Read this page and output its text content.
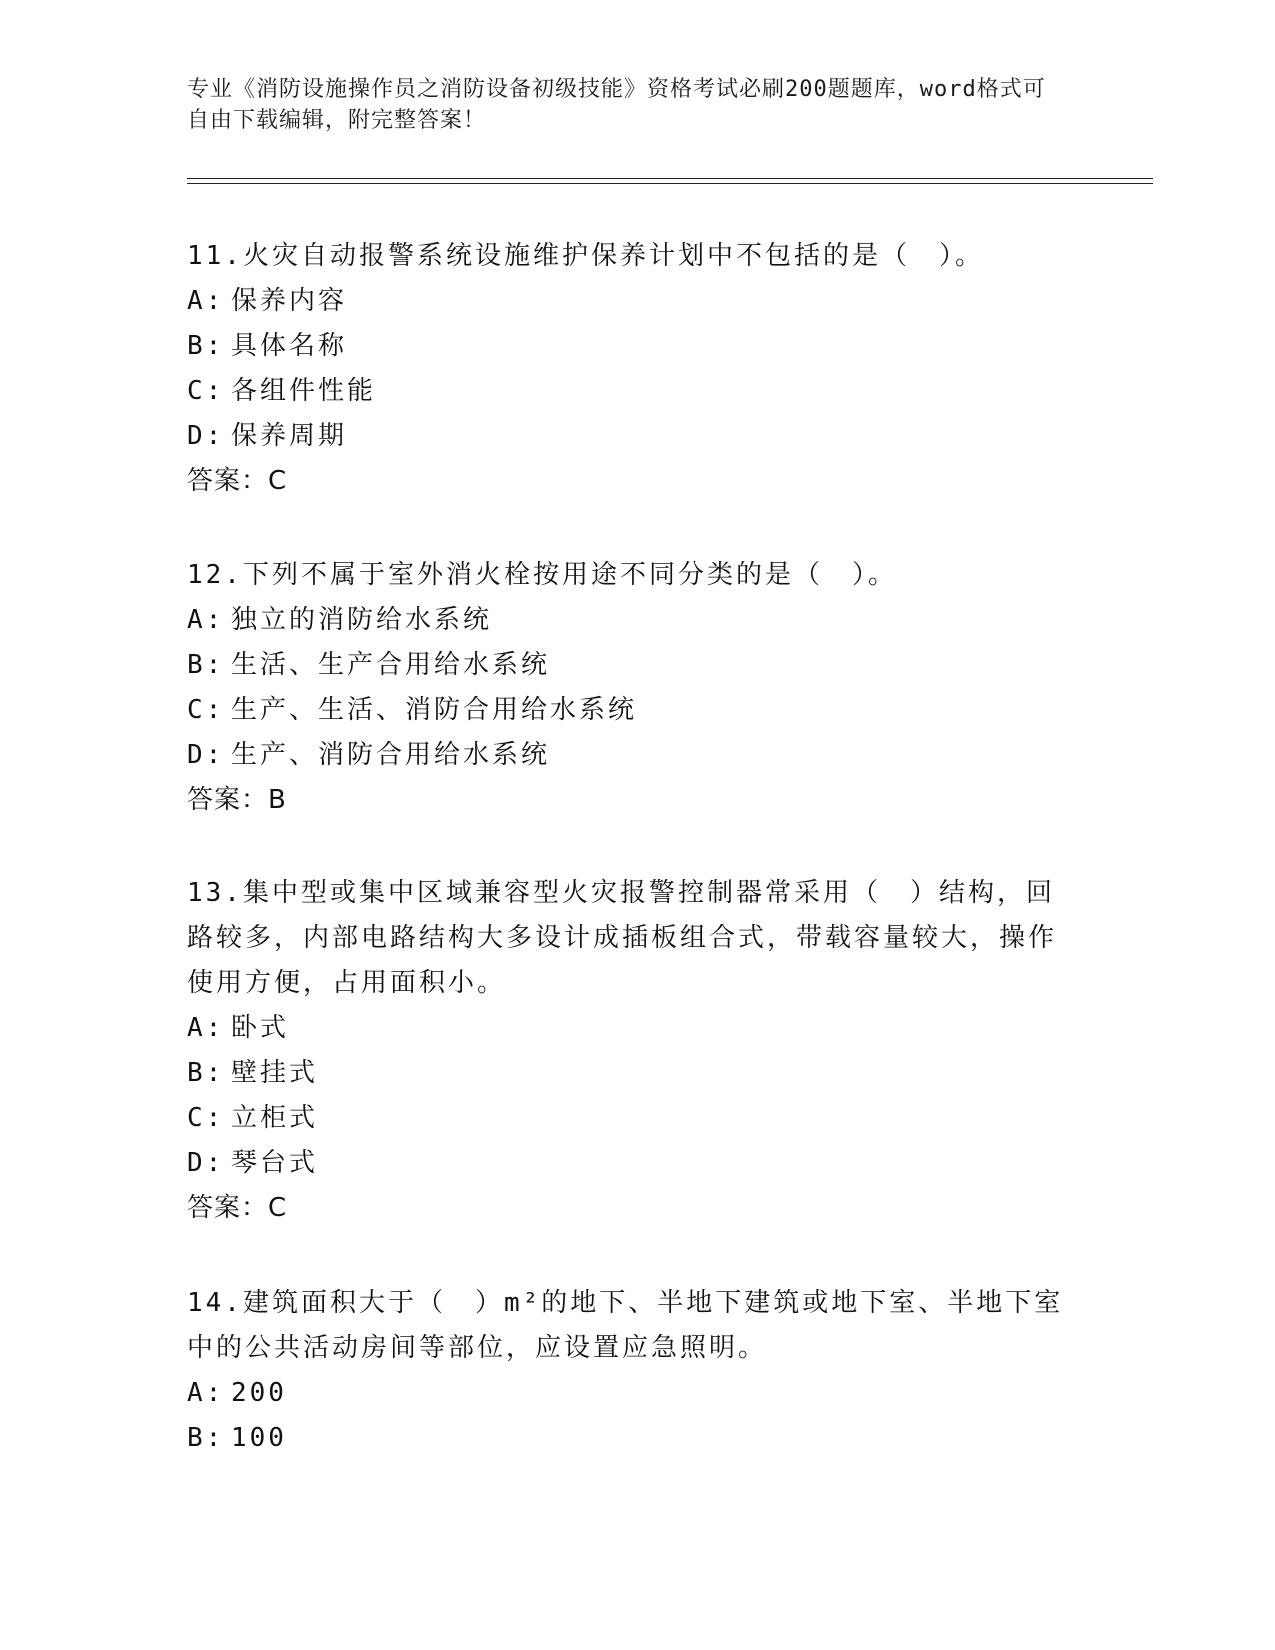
专业《消防设施操作员之消防设备初级技能》资格考试必刷200题题库，word格式可自由下载编辑，附完整答案！

11.火灾自动报警系统设施维护保养计划中不包括的是（　）。

A: 保养内容

B: 具体名称

C: 各组件性能

D: 保养周期

答案：C

12.下列不属于室外消火栓按用途不同分类的是（　）。

A: 独立的消防给水系统

B: 生活、生产合用给水系统

C: 生产、生活、消防合用给水系统

D: 生产、消防合用给水系统

答案：B

13.集中型或集中区域兼容型火灾报警控制器常采用（　）结构，回路较多，内部电路结构大多设计成插板组合式，带载容量较大，操作使用方便，占用面积小。

A: 卧式

B: 壁挂式

C: 立柜式

D: 琴台式

答案：C

14.建筑面积大于（　）m²的地下、半地下建筑或地下室、半地下室中的公共活动房间等部位，应设置应急照明。

A: 200

B: 100
